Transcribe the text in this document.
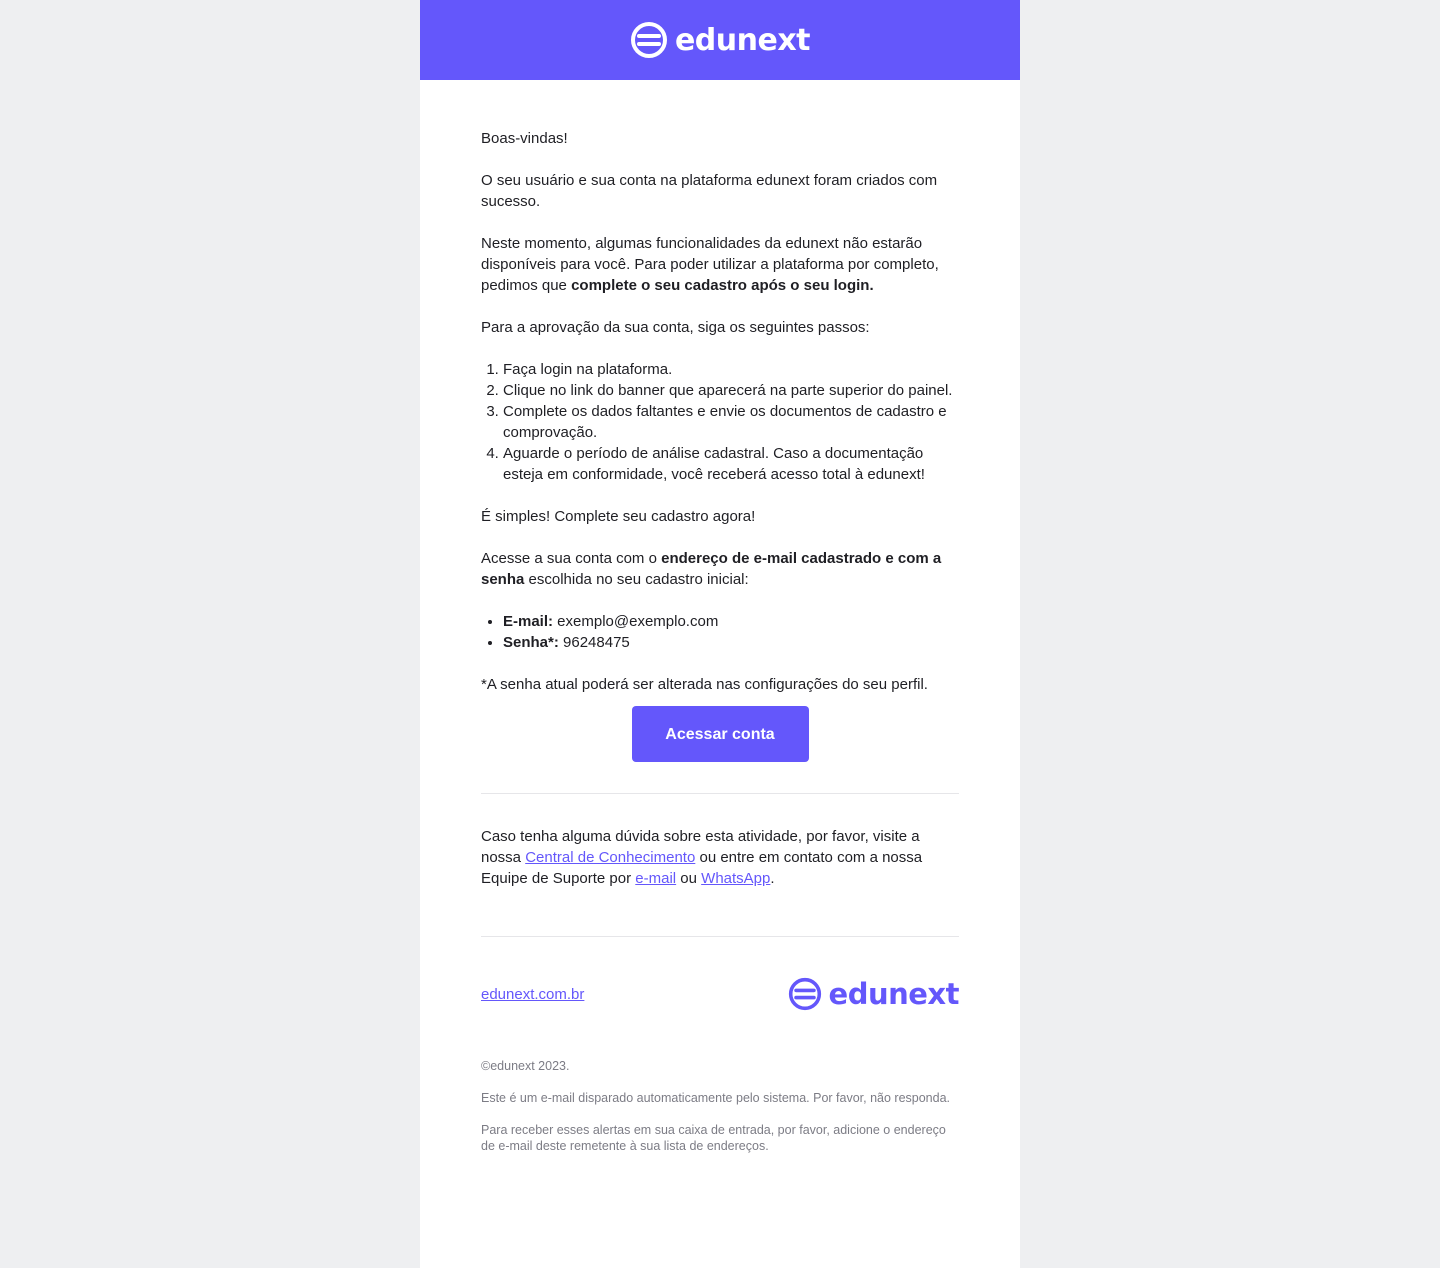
edunext

Boas-vindas!

O seu usuário e sua conta na plataforma edunext foram criados com sucesso.

Neste momento, algumas funcionalidades da edunext não estarão disponíveis para você. Para poder utilizar a plataforma por completo, pedimos que complete o seu cadastro após o seu login.

Para a aprovação da sua conta, siga os seguintes passos:

1. Faça login na plataforma.
2. Clique no link do banner que aparecerá na parte superior do painel.
3. Complete os dados faltantes e envie os documentos de cadastro e comprovação.
4. Aguarde o período de análise cadastral. Caso a documentação esteja em conformidade, você receberá acesso total à edunext!

É simples! Complete seu cadastro agora!

Acesse a sua conta com o endereço de e-mail cadastrado e com a senha escolhida no seu cadastro inicial:

• E-mail: exemplo@exemplo.com
• Senha*: 96248475

*A senha atual poderá ser alterada nas configurações do seu perfil.

Acessar conta

Caso tenha alguma dúvida sobre esta atividade, por favor, visite a nossa Central de Conhecimento ou entre em contato com a nossa Equipe de Suporte por e-mail ou WhatsApp.

edunext.com.br	edunext
©edunext 2023.
Este é um e-mail disparado automaticamente pelo sistema. Por favor, não responda.
Para receber esses alertas em sua caixa de entrada, por favor, adicione o endereço de e-mail deste remetente à sua lista de endereços.
